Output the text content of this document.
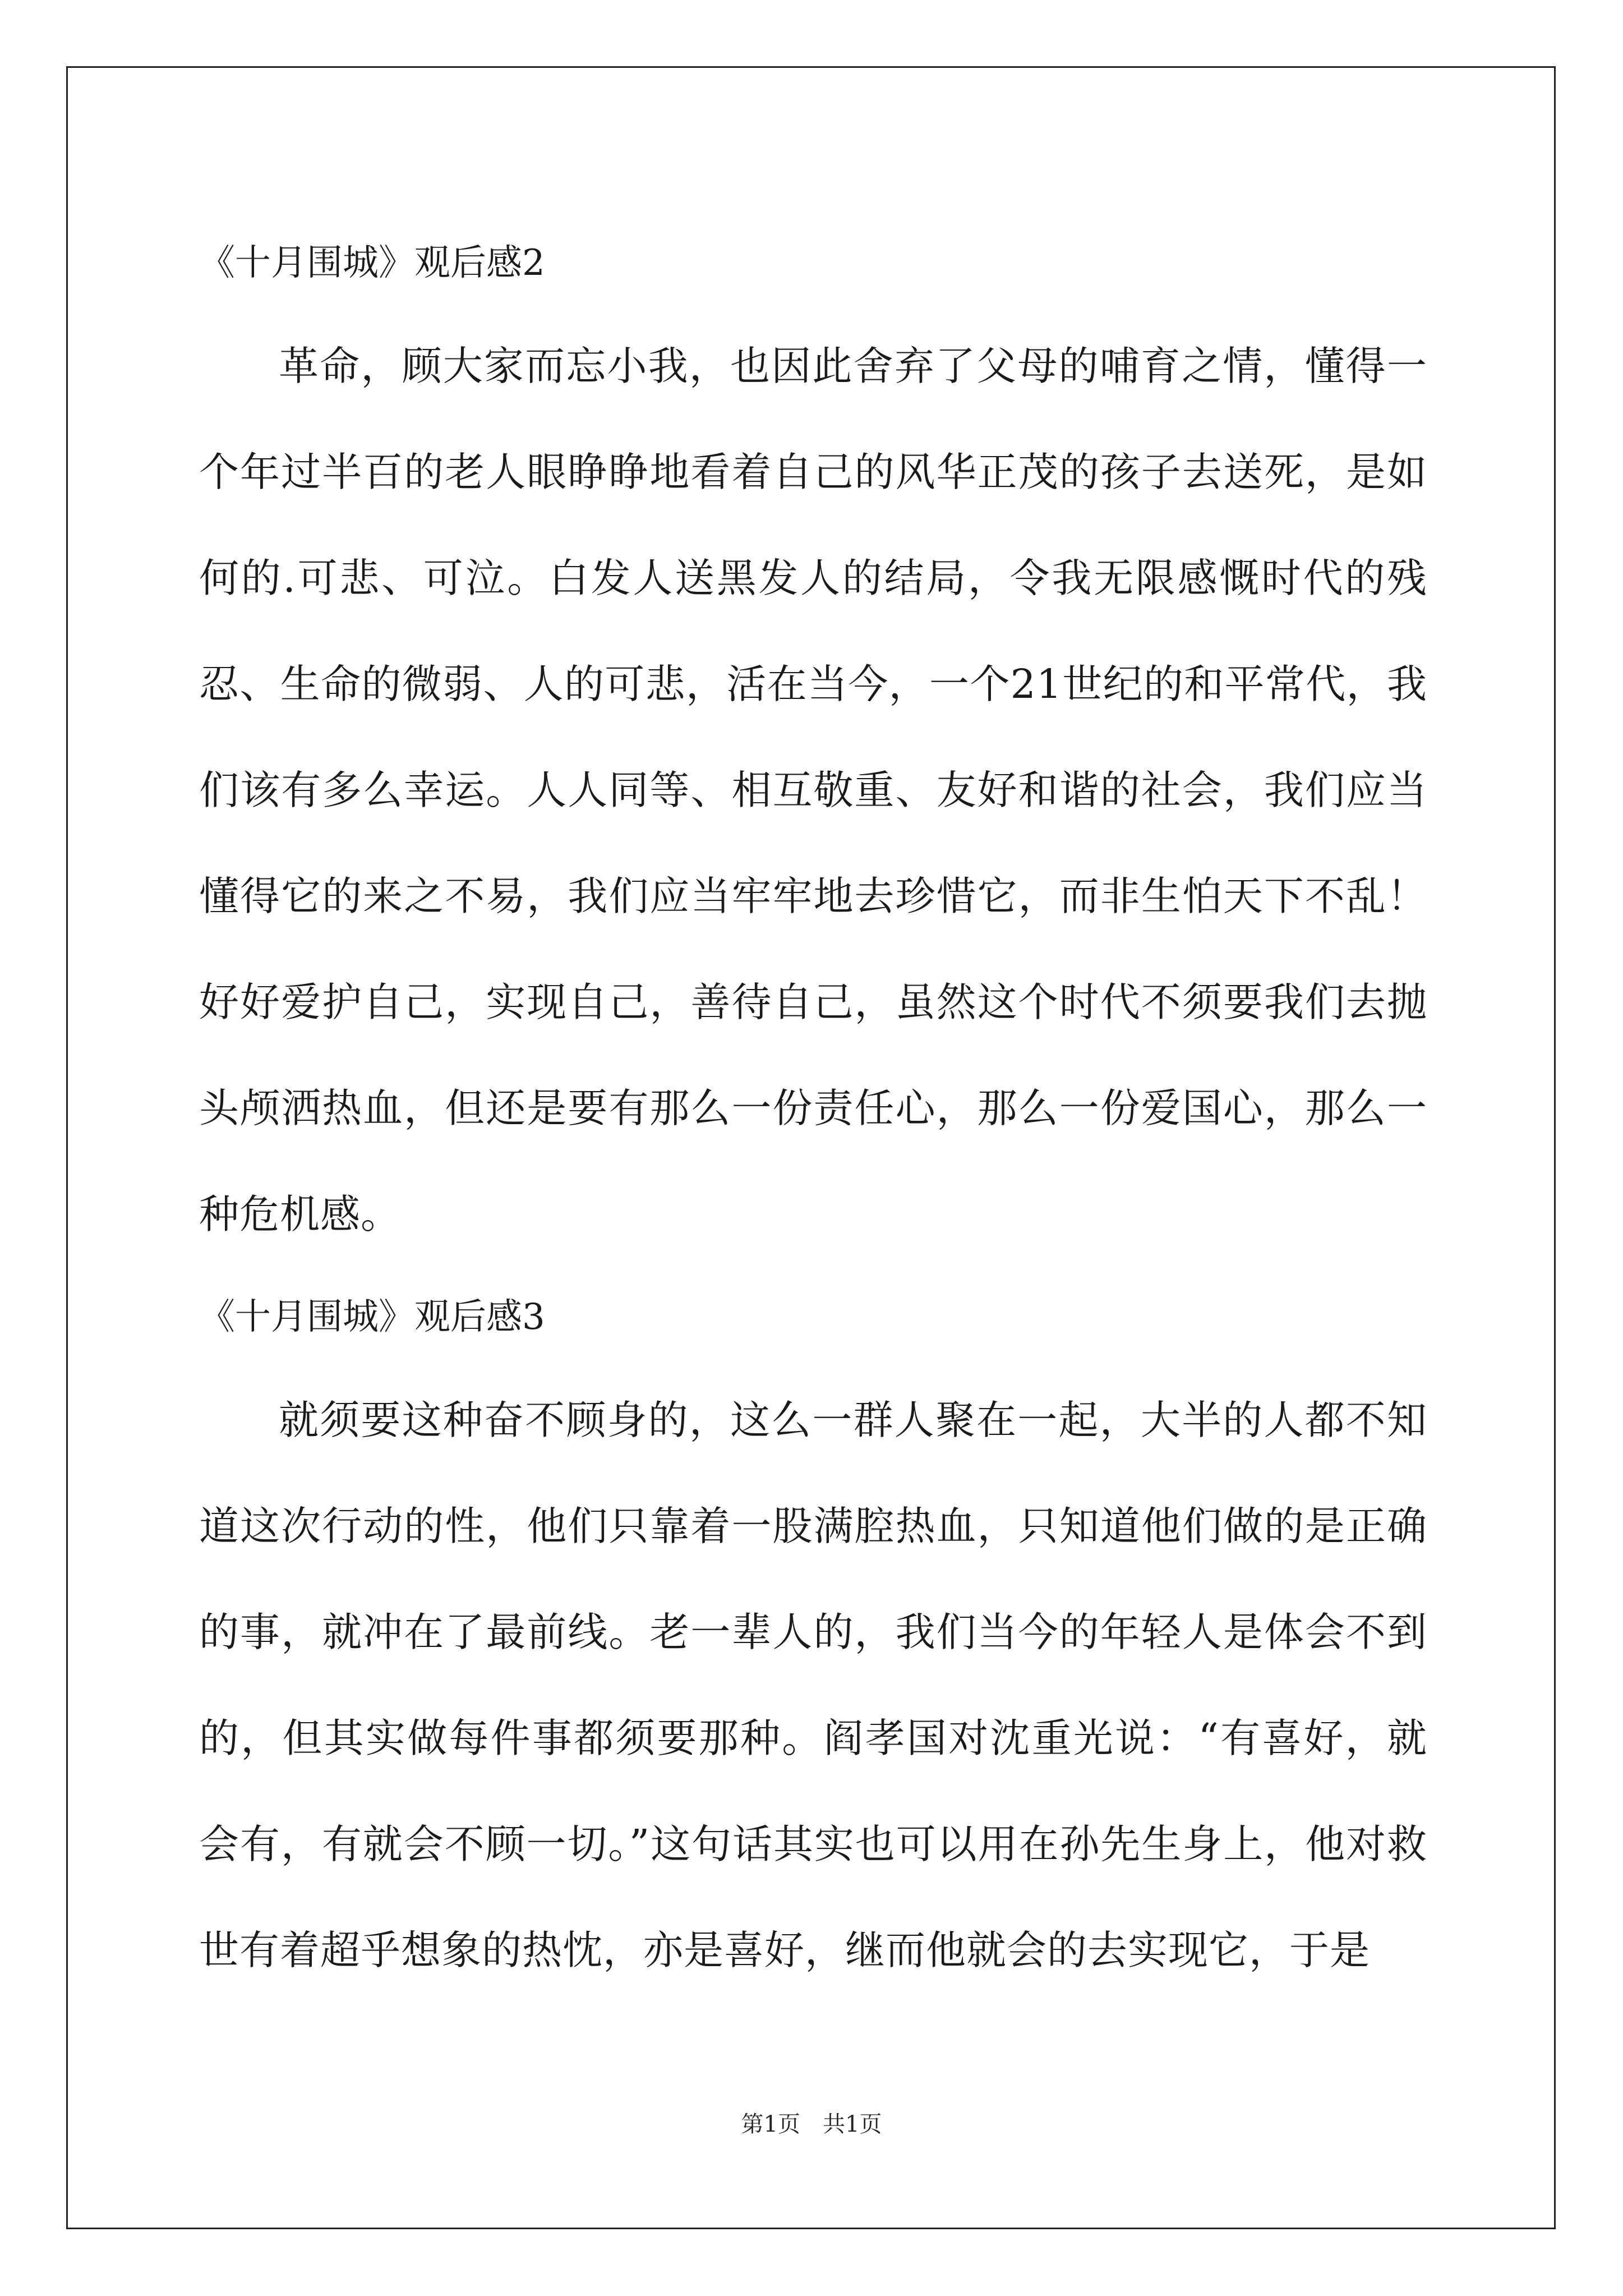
《十月围城》观后感2

革命，顾大家而忘小我，也因此舍弃了父母的哺育之情，懂得一个年过半百的老人眼睁睁地看着自己的风华正茂的孩子去送死，是如何的.可悲、可泣。白发人送黑发人的结局，令我无限感慨时代的残忍、生命的微弱、人的可悲，活在当今，一个21世纪的和平常代，我们该有多么幸运。人人同等、相互敬重、友好和谐的社会，我们应当懂得它的来之不易，我们应当牢牢地去珍惜它，而非生怕天下不乱！好好爱护自己，实现自己，善待自己，虽然这个时代不须要我们去抛头颅洒热血，但还是要有那么一份责任心，那么一份爱国心，那么一种危机感。

《十月围城》观后感3

就须要这种奋不顾身的，这么一群人聚在一起，大半的人都不知道这次行动的性，他们只靠着一股满腔热血，只知道他们做的是正确的事，就冲在了最前线。老一辈人的，我们当今的年轻人是体会不到的，但其实做每件事都须要那种。阎孝国对沈重光说：“有喜好，就会有，有就会不顾一切。”这句话其实也可以用在孙先生身上，他对救世有着超乎想象的热忱，亦是喜好，继而他就会的去实现它，于是

第1页　共1页
